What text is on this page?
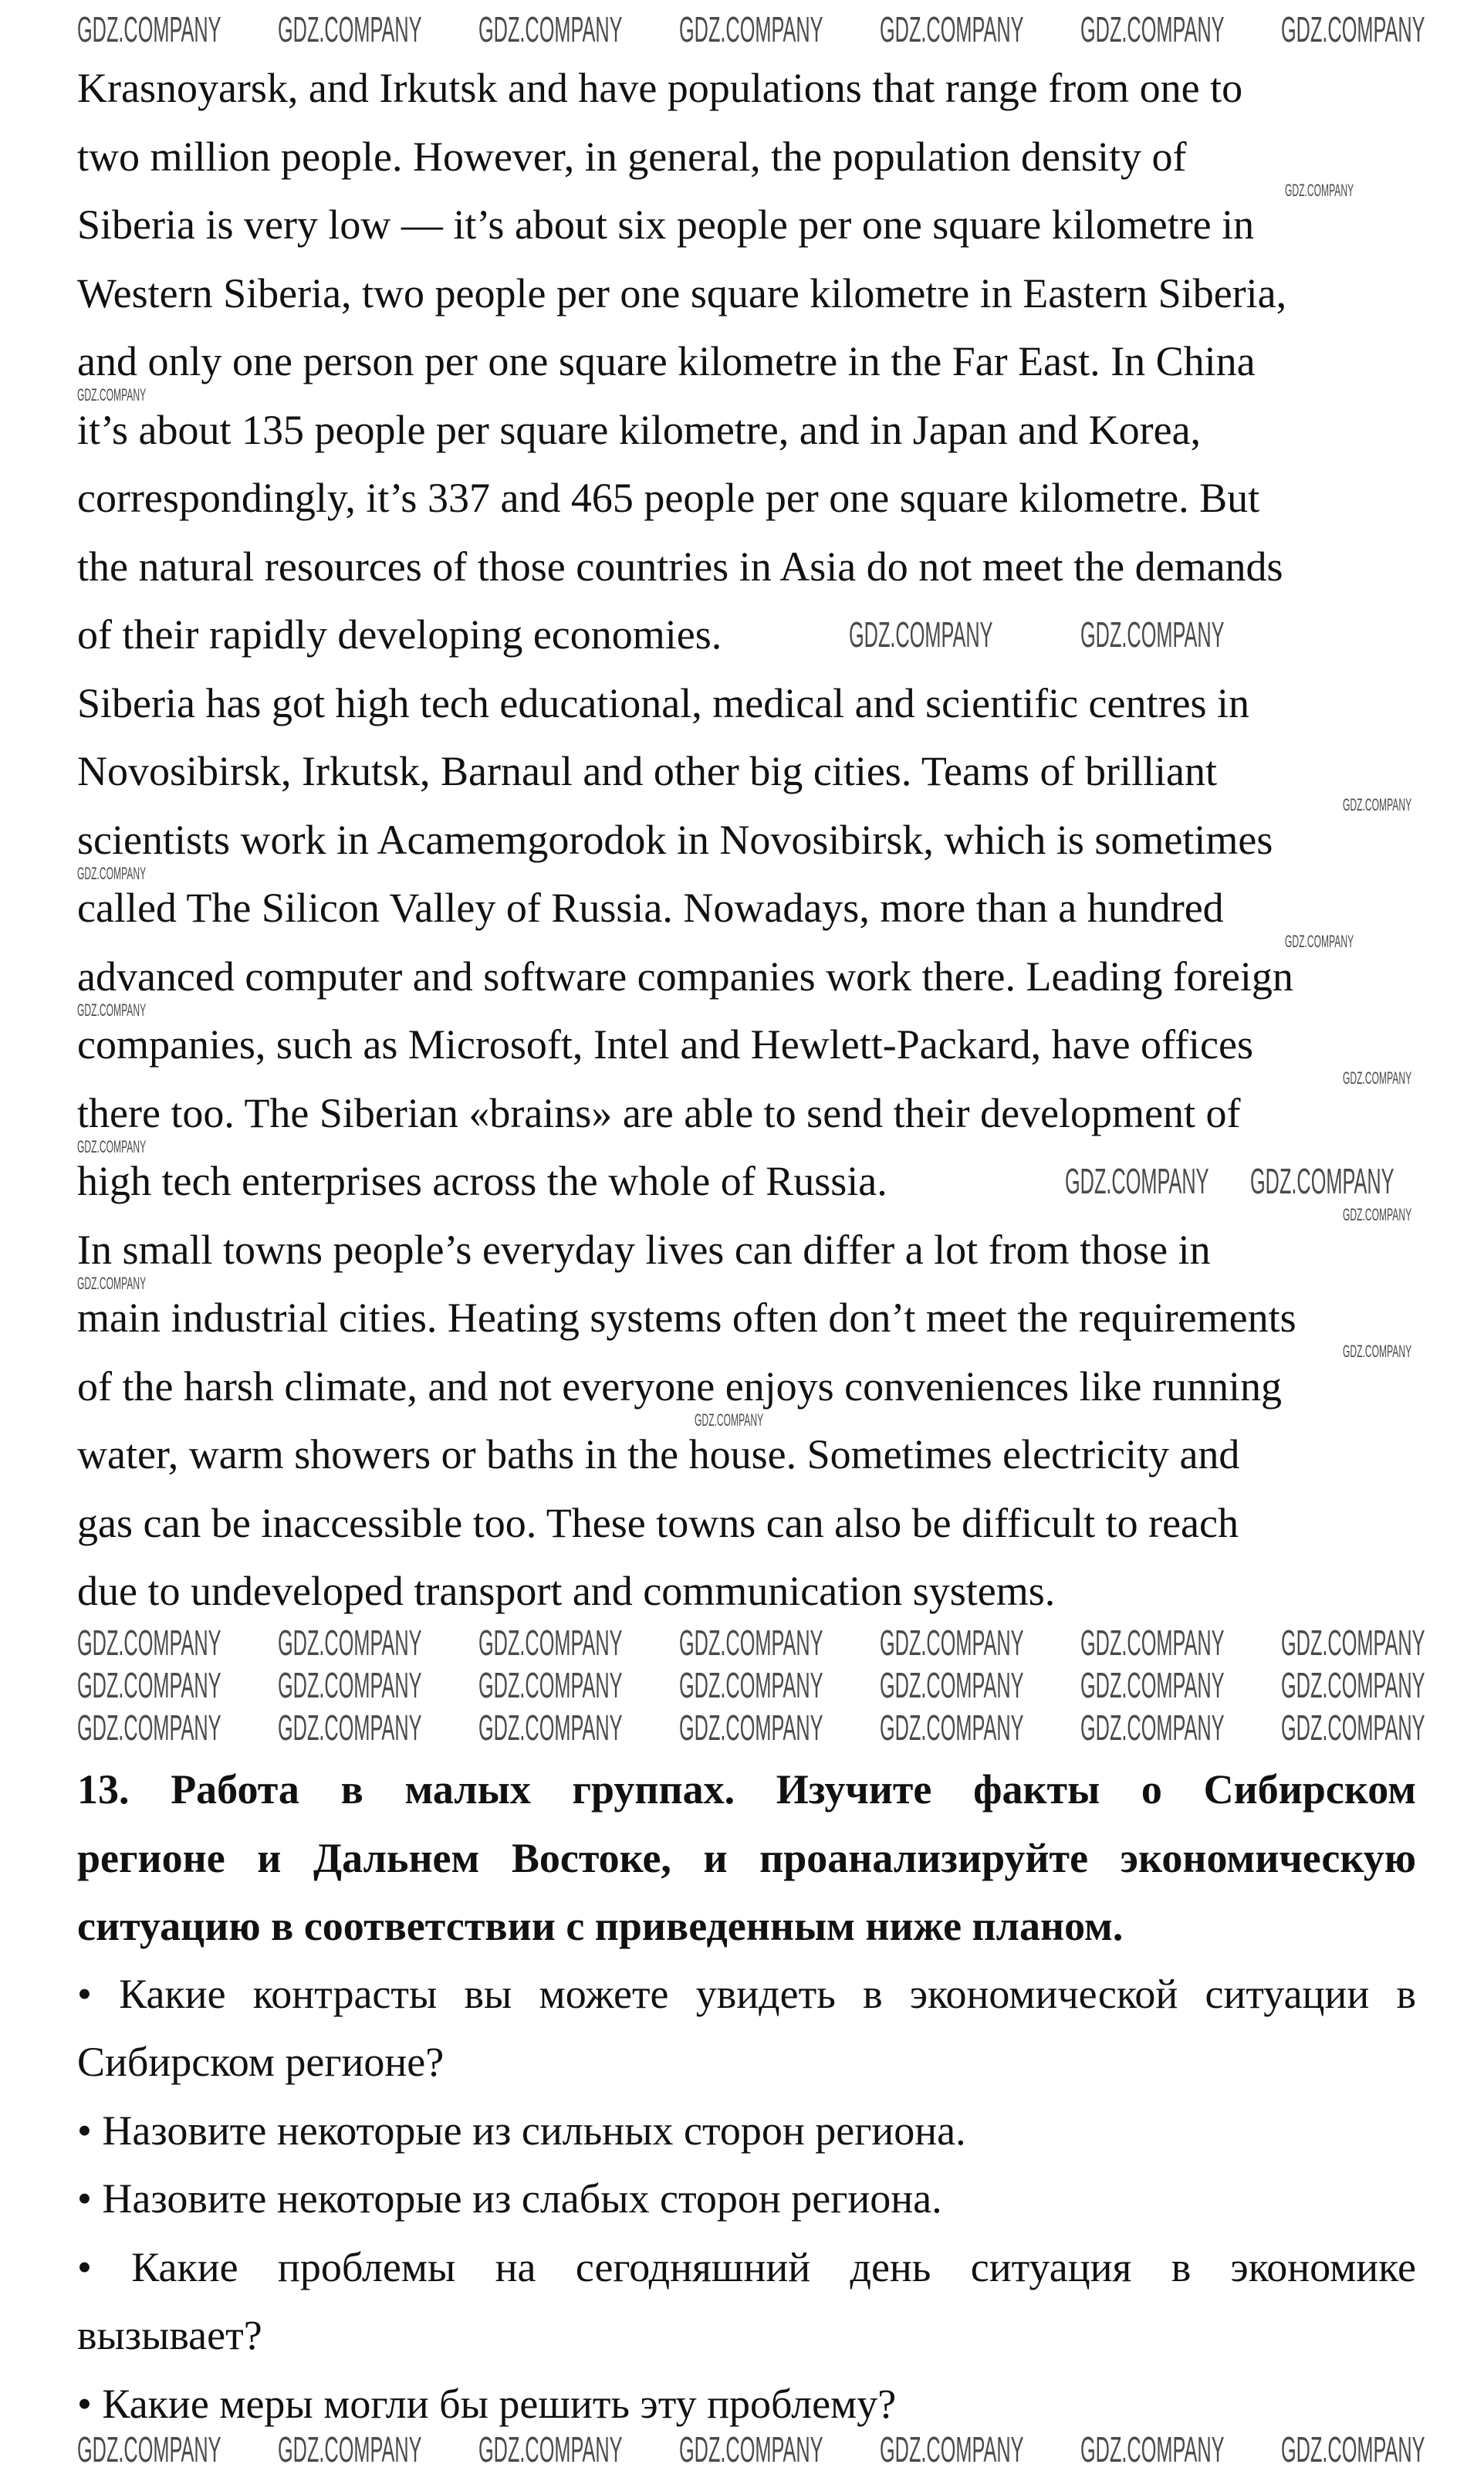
Krasnoyarsk, and Irkutsk and have populations that range from one to
two million people. However, in general, the population density of
Siberia is very low — it’s about six people per one square kilometre in
Western Siberia, two people per one square kilometre in Eastern Siberia,
and only one person per one square kilometre in the Far East. In China
it’s about 135 people per square kilometre, and in Japan and Korea,
correspondingly, it’s 337 and 465 people per one square kilometre. But
the natural resources of those countries in Asia do not meet the demands
of their rapidly developing economies.
Siberia has got high tech educational, medical and scientific centres in
Novosibirsk, Irkutsk, Barnaul and other big cities. Teams of brilliant
scientists work in Acamemgorodok in Novosibirsk, which is sometimes
called The Silicon Valley of Russia. Nowadays, more than a hundred
advanced computer and software companies work there. Leading foreign
companies, such as Microsoft, Intel and Hewlett-Packard, have offices
there too. The Siberian «brains» are able to send their development of
high tech enterprises across the whole of Russia.
In small towns people’s everyday lives can differ a lot from those in
main industrial cities. Heating systems often don’t meet the requirements
of the harsh climate, and not everyone enjoys conveniences like running
water, warm showers or baths in the house. Sometimes electricity and
gas can be inaccessible too. These towns can also be difficult to reach
due to undeveloped transport and communication systems.
13. Работа в малых группах. Изучите факты о Сибирском
регионе и Дальнем Востоке, и проанализируйте экономическую
ситуацию в соответствии с приведенным ниже планом.
• Какие контрасты вы можете увидеть в экономической ситуации в
Сибирском регионе?
• Назовите некоторые из сильных сторон региона.
• Назовите некоторые из слабых сторон региона.
• Какие проблемы на сегодняшний день ситуация в экономике
вызывает?
• Какие меры могли бы решить эту проблему?
GDZ.COMPANY GDZ.COMPANY GDZ.COMPANY GDZ.COMPANY GDZ.COMPANY GDZ.COMPANY GDZ.COMPANY
GDZ.COMPANY GDZ.COMPANY GDZ.COMPANY GDZ.COMPANY GDZ.COMPANY GDZ.COMPANY GDZ.COMPANY
GDZ.COMPANY GDZ.COMPANY GDZ.COMPANY GDZ.COMPANY GDZ.COMPANY GDZ.COMPANY GDZ.COMPANY
GDZ.COMPANY GDZ.COMPANY GDZ.COMPANY GDZ.COMPANY GDZ.COMPANY GDZ.COMPANY GDZ.COMPANY
GDZ.COMPANY GDZ.COMPANY GDZ.COMPANY GDZ.COMPANY GDZ.COMPANY GDZ.COMPANY GDZ.COMPANY
GDZ.COMPANY GDZ.COMPANY
GDZ.COMPANY GDZ.COMPANY
GDZ.COMPANY
GDZ.COMPANY
GDZ.COMPANY
GDZ.COMPANY
GDZ.COMPANY
GDZ.COMPANY
GDZ.COMPANY
GDZ.COMPANY
GDZ.COMPANY
GDZ.COMPANY
GDZ.COMPANY
GDZ.COMPANY
